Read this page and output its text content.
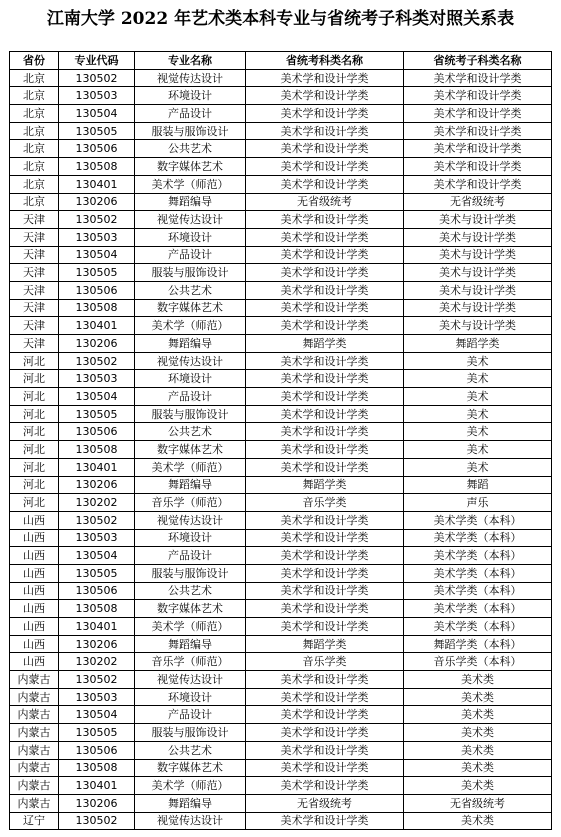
江南大学 2022 年艺术类本科专业与省统考子科类对照关系表
省份	专业代码	专业名称	省统考科类名称	省统考子科类名称
北京	130502	视觉传达设计	美术学和设计学类	美术学和设计学类
北京	130503	环境设计	美术学和设计学类	美术学和设计学类
北京	130504	产品设计	美术学和设计学类	美术学和设计学类
北京	130505	服装与服饰设计	美术学和设计学类	美术学和设计学类
北京	130506	公共艺术	美术学和设计学类	美术学和设计学类
北京	130508	数字媒体艺术	美术学和设计学类	美术学和设计学类
北京	130401	美术学（师范）	美术学和设计学类	美术学和设计学类
北京	130206	舞蹈编导	无省级统考	无省级统考
天津	130502	视觉传达设计	美术学和设计学类	美术与设计学类
天津	130503	环境设计	美术学和设计学类	美术与设计学类
天津	130504	产品设计	美术学和设计学类	美术与设计学类
天津	130505	服装与服饰设计	美术学和设计学类	美术与设计学类
天津	130506	公共艺术	美术学和设计学类	美术与设计学类
天津	130508	数字媒体艺术	美术学和设计学类	美术与设计学类
天津	130401	美术学（师范）	美术学和设计学类	美术与设计学类
天津	130206	舞蹈编导	舞蹈学类	舞蹈学类
河北	130502	视觉传达设计	美术学和设计学类	美术
河北	130503	环境设计	美术学和设计学类	美术
河北	130504	产品设计	美术学和设计学类	美术
河北	130505	服装与服饰设计	美术学和设计学类	美术
河北	130506	公共艺术	美术学和设计学类	美术
河北	130508	数字媒体艺术	美术学和设计学类	美术
河北	130401	美术学（师范）	美术学和设计学类	美术
河北	130206	舞蹈编导	舞蹈学类	舞蹈
河北	130202	音乐学（师范）	音乐学类	声乐
山西	130502	视觉传达设计	美术学和设计学类	美术学类（本科）
山西	130503	环境设计	美术学和设计学类	美术学类（本科）
山西	130504	产品设计	美术学和设计学类	美术学类（本科）
山西	130505	服装与服饰设计	美术学和设计学类	美术学类（本科）
山西	130506	公共艺术	美术学和设计学类	美术学类（本科）
山西	130508	数字媒体艺术	美术学和设计学类	美术学类（本科）
山西	130401	美术学（师范）	美术学和设计学类	美术学类（本科）
山西	130206	舞蹈编导	舞蹈学类	舞蹈学类（本科）
山西	130202	音乐学（师范）	音乐学类	音乐学类（本科）
内蒙古	130502	视觉传达设计	美术学和设计学类	美术类
内蒙古	130503	环境设计	美术学和设计学类	美术类
内蒙古	130504	产品设计	美术学和设计学类	美术类
内蒙古	130505	服装与服饰设计	美术学和设计学类	美术类
内蒙古	130506	公共艺术	美术学和设计学类	美术类
内蒙古	130508	数字媒体艺术	美术学和设计学类	美术类
内蒙古	130401	美术学（师范）	美术学和设计学类	美术类
内蒙古	130206	舞蹈编导	无省级统考	无省级统考
辽宁	130502	视觉传达设计	美术学和设计学类	美术类
